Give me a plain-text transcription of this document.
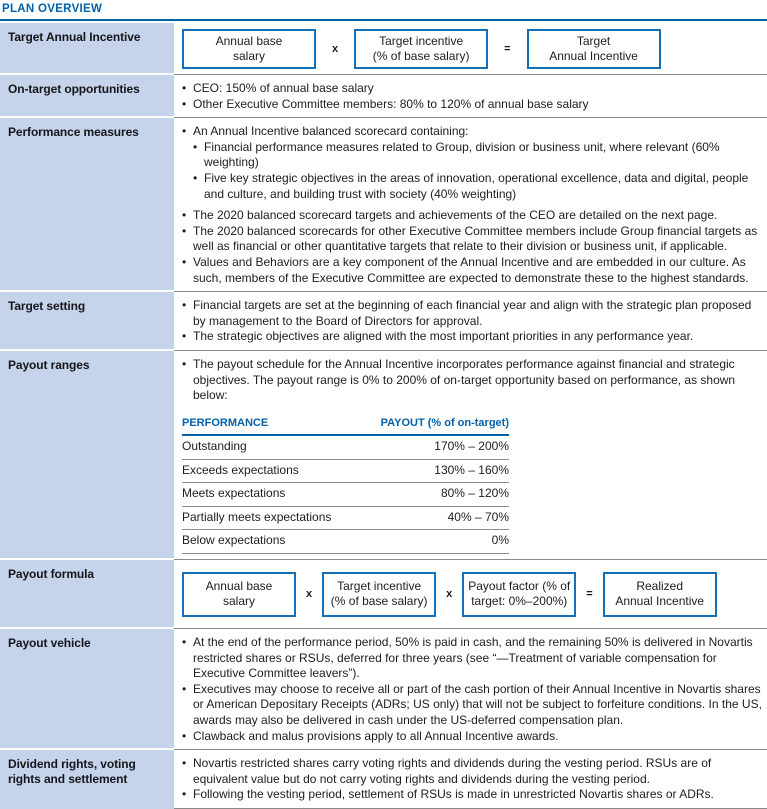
PLAN OVERVIEW
Target Annual Incentive	Annual base
salary
x
Target incentive
(% of base salary)
=
Target
Annual Incentive
On-target opportunities	• CEO: 150% of annual base salary
• Other Executive Committee members: 80% to 120% of annual base salary
Performance measures	• An Annual Incentive balanced scorecard containing:
• Financial performance measures related to Group, division or business unit, where relevant (60% weighting)
• Five key strategic objectives in the areas of innovation, operational excellence, data and digital, people and culture, and building trust with society (40% weighting)
• The 2020 balanced scorecard targets and achievements of the CEO are detailed on the next page.
• The 2020 balanced scorecards for other Executive Committee members include Group financial targets as well as financial or other quantitative targets that relate to their division or business unit, if applicable.
• Values and Behaviors are a key component of the Annual Incentive and are embedded in our culture. As such, members of the Executive Committee are expected to demonstrate these to the highest standards.
Target setting	• Financial targets are set at the beginning of each financial year and align with the strategic plan proposed by management to the Board of Directors for approval.
• The strategic objectives are aligned with the most important priorities in any performance year.
Payout ranges	• The payout schedule for the Annual Incentive incorporates performance against financial and strategic objectives. The payout range is 0% to 200% of on-target opportunity based on performance, as shown below:
PERFORMANCE	PAYOUT (% of on-target)
Outstanding	170% – 200%
Exceeds expectations	130% – 160%
Meets expectations	80% – 120%
Partially meets expectations	40% – 70%
Below expectations	0%
Payout formula
Annual base
salary
x
Target incentive
(% of base salary)
x
Payout factor (% of
target: 0%–200%)
=
Realized
Annual Incentive
Payout vehicle	• At the end of the performance period, 50% is paid in cash, and the remaining 50% is delivered in Novartis restricted shares or RSUs, deferred for three years (see “—Treatment of variable compensation for Executive Committee leavers”).
• Executives may choose to receive all or part of the cash portion of their Annual Incentive in Novartis shares or American Depositary Receipts (ADRs; US only) that will not be subject to forfeiture conditions. In the US, awards may also be delivered in cash under the US-deferred compensation plan.
• Clawback and malus provisions apply to all Annual Incentive awards.
Dividend rights, voting rights and settlement
• Novartis restricted shares carry voting rights and dividends during the vesting period. RSUs are of equivalent value but do not carry voting rights and dividends during the vesting period.
• Following the vesting period, settlement of RSUs is made in unrestricted Novartis shares or ADRs.
